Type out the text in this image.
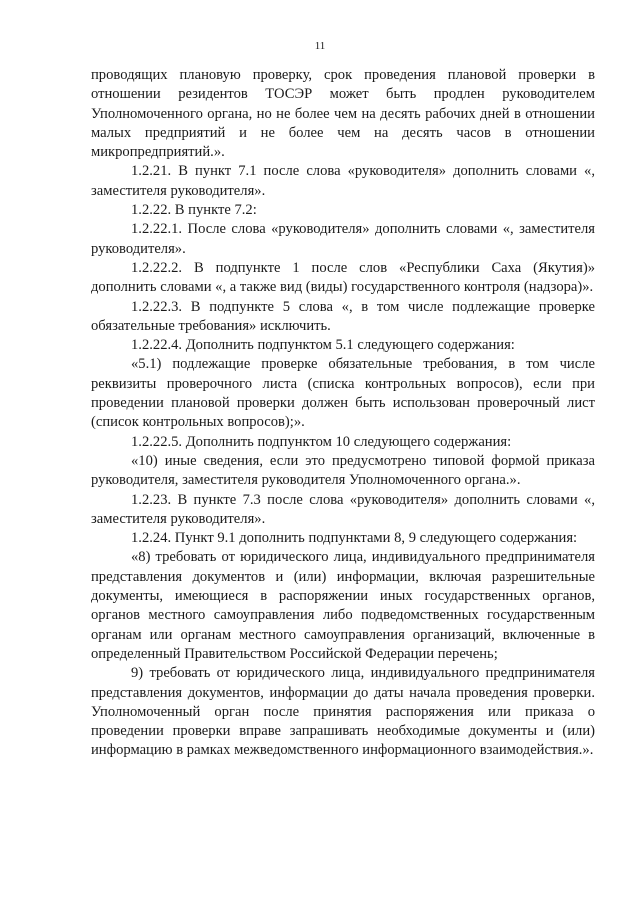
11

проводящих плановую проверку, срок проведения плановой проверки в отношении резидентов ТОСЭР может быть продлен руководителем Уполномоченного органа, но не более чем на десять рабочих дней в отношении малых предприятий и не более чем на десять часов в отношении микропредприятий.».

1.2.21. В пункт 7.1 после слова «руководителя» дополнить словами «, заместителя руководителя».

1.2.22. В пункте 7.2:

1.2.22.1. После слова «руководителя» дополнить словами «, заместителя руководителя».

1.2.22.2. В подпункте 1 после слов «Республики Саха (Якутия)» дополнить словами «, а также вид (виды) государственного контроля (надзора)».

1.2.22.3. В подпункте 5 слова «, в том числе подлежащие проверке обязательные требования» исключить.

1.2.22.4. Дополнить подпунктом 5.1 следующего содержания:

«5.1) подлежащие проверке обязательные требования, в том числе реквизиты проверочного листа (списка контрольных вопросов), если при проведении плановой проверки должен быть использован проверочный лист (список контрольных вопросов);».

1.2.22.5. Дополнить подпунктом 10 следующего содержания:

«10) иные сведения, если это предусмотрено типовой формой приказа руководителя, заместителя руководителя Уполномоченного органа.».

1.2.23. В пункте 7.3 после слова «руководителя» дополнить словами «, заместителя руководителя».

1.2.24. Пункт 9.1 дополнить подпунктами 8, 9 следующего содержания:

«8) требовать от юридического лица, индивидуального предпринимателя представления документов и (или) информации, включая разрешительные документы, имеющиеся в распоряжении иных государственных органов, органов местного самоуправления либо подведомственных государственным органам или органам местного самоуправления организаций, включенные в определенный Правительством Российской Федерации перечень;

9) требовать от юридического лица, индивидуального предпринимателя представления документов, информации до даты начала проведения проверки. Уполномоченный орган после принятия распоряжения или приказа о проведении проверки вправе запрашивать необходимые документы и (или) информацию в рамках межведомственного информационного взаимодействия.».
